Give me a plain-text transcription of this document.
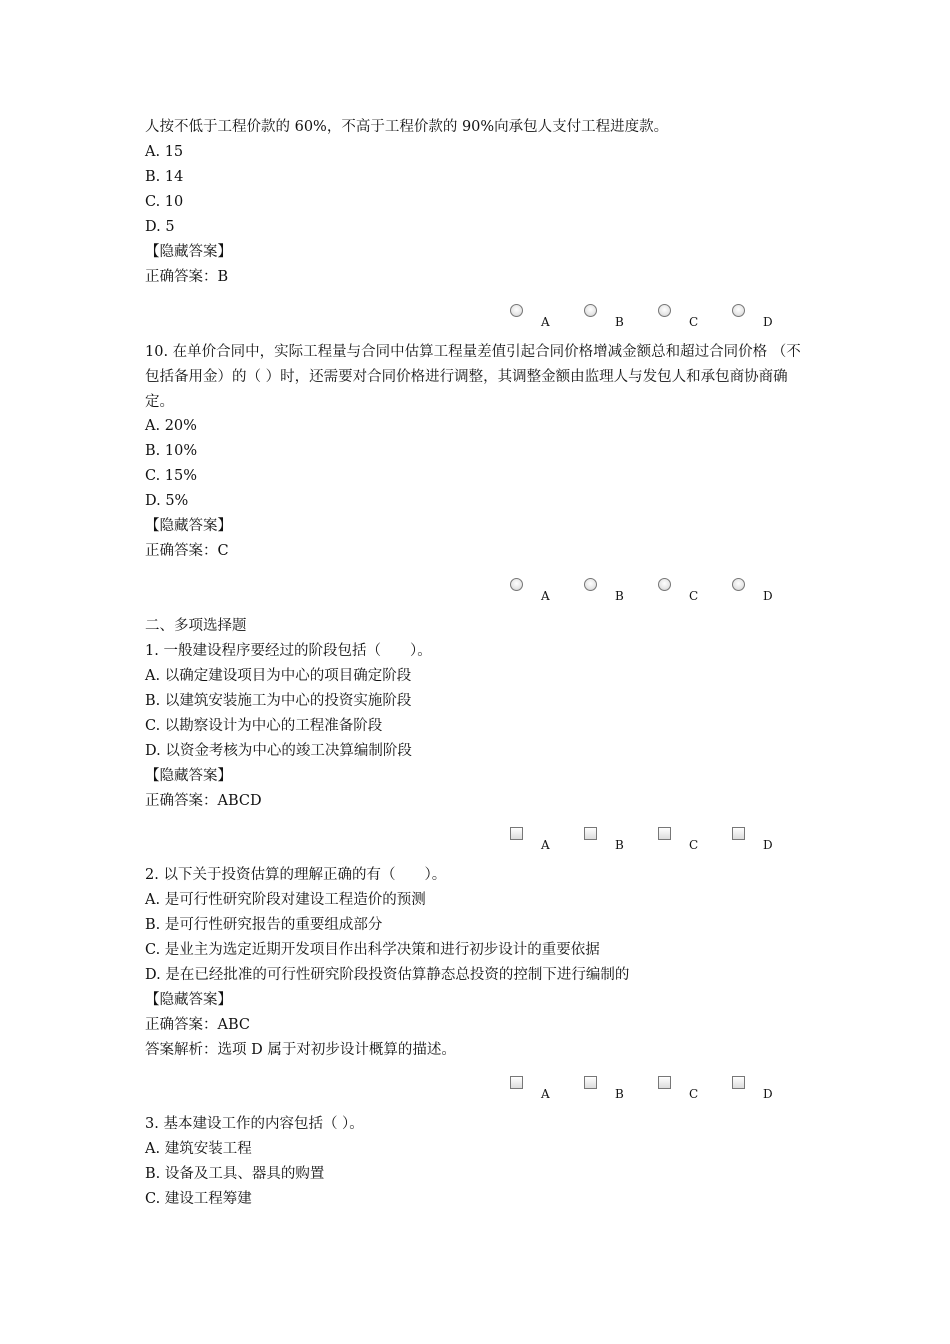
人按不低于工程价款的 60%，不高于工程价款的 90%向承包人支付工程进度款。
A. 15
B. 14
C. 10
D. 5
【隐藏答案】
正确答案：B
A	B	C	D
10. 在单价合同中，实际工程量与合同中估算工程量差值引起合同价格增减金额总和超过合同价格 （不包括备用金）的（ ）时，还需要对合同价格进行调整，其调整金额由监理人与发包人和承包商协商确定。
A. 20%
B. 10%
C. 15%
D. 5%
【隐藏答案】
正确答案：C
A	B	C	D
二、多项选择题
1. 一般建设程序要经过的阶段包括（　　）。
A. 以确定建设项目为中心的项目确定阶段
B. 以建筑安装施工为中心的投资实施阶段
C. 以勘察设计为中心的工程准备阶段
D. 以资金考核为中心的竣工决算编制阶段
【隐藏答案】
正确答案：ABCD
A	B	C	D
2. 以下关于投资估算的理解正确的有（　　）。
A. 是可行性研究阶段对建设工程造价的预测
B. 是可行性研究报告的重要组成部分
C. 是业主为选定近期开发项目作出科学决策和进行初步设计的重要依据
D. 是在已经批准的可行性研究阶段投资估算静态总投资的控制下进行编制的
【隐藏答案】
正确答案：ABC
答案解析：选项 D 属于对初步设计概算的描述。
A	B	C	D
3. 基本建设工作的内容包括（ ）。
A. 建筑安装工程
B. 设备及工具、器具的购置
C. 建设工程筹建
